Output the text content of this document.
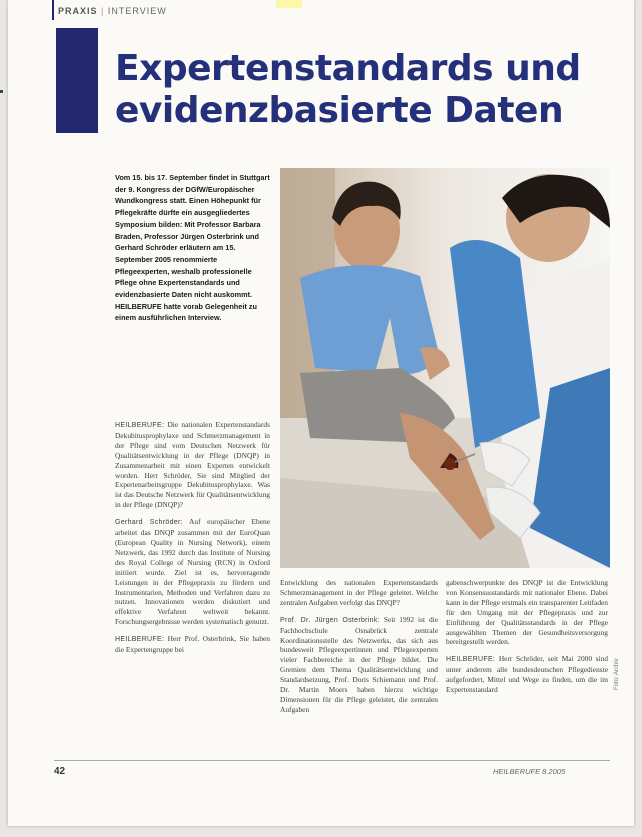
PRAXIS | INTERVIEW
Expertenstandards und
evidenzbasierte Daten
Vom 15. bis 17. September findet in Stuttgart der 9. Kongress der DGfW/Europäischer Wundkongress statt. Einen Höhepunkt für Pflegekräfte dürfte ein ausgegliedertes Symposium bilden: Mit Professor Barbara Braden, Professor Jürgen Osterbrink und Gerhard Schröder erläutern am 15. September 2005 renommierte Pflegeexperten, weshalb professionelle Pflege ohne Expertenstandards und evidenzbasierte Daten nicht auskommt. HEILBERUFE hatte vorab Gelegenheit zu einem ausführlichen Interview.

HEILBERUFE: Die nationalen Expertenstandards Dekubitusprophylaxe und Schmerzmanagement in der Pflege sind vom Deutschen Netzwerk für Qualitätsentwicklung in der Pflege (DNQP) in Zusammenarbeit mit einen Experten entwickelt worden. Herr Schröder, Sie sind Mitglied der Expertenarbeitsgruppe Dekubitusprophylaxe. Was ist das Deutsche Netzwerk für Qualitätsentwicklung in der Pflege (DNQP)?

Gerhard Schröder: Auf europäischer Ebene arbeitet das DNQP zusammen mit der EuroQuan (European Quality in Nursing Network), einem Netzwerk, das 1992 durch das Institute of Nursing des Royal College of Nursing (RCN) in Oxford initiiert wurde. Ziel ist es, hervorragende Leistungen in der Pflegepraxis zu fördern und Instrumentarien, Methoden und Verfahren dazu zu nutzen. Innovationen werden diskutiert und effektive Verfahren weltweit bekannt. Forschungsergebnisse werden systematisch genutzt.

HEILBERUFE: Herr Prof. Osterbrink, Sie haben die Expertengruppe bei

Entwicklung des nationalen Expertenstandards Schmerzmanagement in der Pflege geleitet. Welche zentralen Aufgaben verfolgt das DNQP?

Prof. Dr. Jürgen Osterbrink: Seit 1992 ist die Fachhochschule Osnabrück zentrale Koordinationsstelle des Netzwerks, das sich aus bundesweit Pflegeexpertinnen und Pflegeexperten vieler Fachbereiche in der Pflege bildet. Die Gremien dem Thema Qualitätsentwicklung und Standardsetzung, Prof. Doris Schiemann und Prof. Dr. Martin Moers haben hierzu wichtige Dimensionen für die Pflege geleistet, die zentralen Aufgaben

gabenschwerpunkte des DNQP ist die Entwicklung von Konsensusstandards mit nationaler Ebene. Dabei kann in der Pflege erstmals ein transparenter Leitfaden für den Umgang mit der Pflegepraxis und zur Einführung der Qualitätsstandards in der Pflege ausgewählten Themen der Gesundheitsversorgung bereitgestellt werden.

HEILBERUFE: Herr Schröder, seit Mai 2000 sind unter anderem alle bundesdeutschen Pflegedienste aufgefordert, Mittel und Wege zu finden, um die im Expertenstandard	Foto: Archiv
42	HEILBERUFE 8.2005
